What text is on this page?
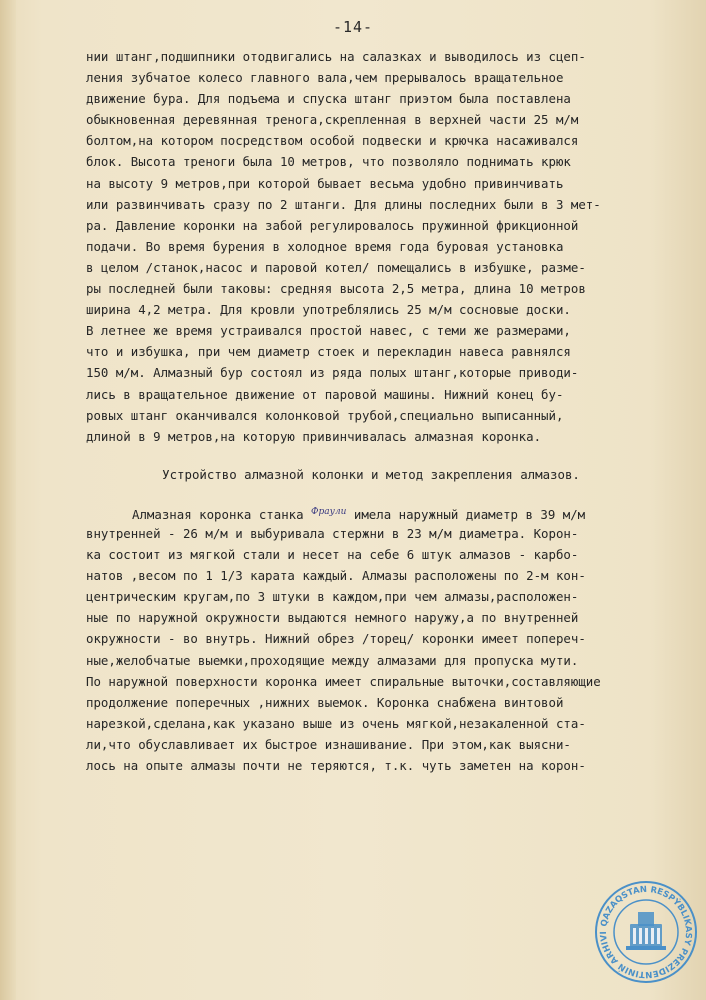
-14-
нии штанг,подшипники отодвигались на салазках и выводилось из сцеп-
ления зубчатое колесо главного вала,чем прерывалось вращательное
движение бура. Для подъема и спуска штанг приэтом была поставлена
обыкновенная деревянная тренога,скрепленная в верхней части 25 м/м
болтом,на котором посредством особой подвески и крючка насаживался
блок. Высота треноги была 10 метров, что позволяло поднимать крюк
на высоту 9 метров,при которой бывает весьма удобно привинчивать
или развинчивать сразу по 2 штанги. Для длины последних были в 3 мет-
ра. Давление коронки на забой регулировалось пружинной фрикционной
подачи. Во время бурения в холодное время года буровая установка
в целом /станок,насос и паровой котел/ помещались в избушке, разме-
ры последней были таковы: средняя высота 2,5 метра, длина 10 метров
ширина 4,2 метра. Для кровли употреблялись 25 м/м сосновые доски.
В летнее же время устраивался простой навес, с теми же размерами,
что и избушка, при чем диаметр стоек и перекладин навеса равнялся
150 м/м. Алмазный бур состоял из ряда полых штанг,которые приводи-
лись в вращательное движение от паровой машины. Нижний конец бу-
ровых штанг оканчивался колонковой трубой,специально выписанный,
длиной в 9 метров,на которую привинчивалась алмазная коронка.
Устройство алмазной колонки и метод закрепления алмазов.
Алмазная коронка станка $^{Фраули}$ имела наружный диаметр в 39 м/м
внутренней - 26 м/м и выбуривала стержни в 23 м/м диаметра. Корон-
ка состоит из мягкой стали и несет на себе 6 штук алмазов - карбо-
натов ,весом по 1 1/3 карата каждый. Алмазы расположены по 2-м кон-
центрическим кругам,по 3 штуки в каждом,при чем алмазы,расположен-
ные по наружной окружности выдаются немного наружу,а по внутренней
окружности - во внутрь. Нижний обрез /торец/ коронки имеет попереч-
ные,желобчатые выемки,проходящие между алмазами для пропуска мути.
По наружной поверхности коронка имеет спиральные выточки,составляющие
продолжение поперечных ,нижних выемок. Коронка снабжена винтовой
нарезкой,сделана,как указано выше из очень мягкой,незакаленной ста-
ли,что обуславливает их быстрое изнашивание. При этом,как выясни-
лось на опыте алмазы почти не теряются, т.к. чуть заметен на корон-
QAZAQSTAN RESPÝBLIKASY PREZIDENTINIŃ ARHIVI
